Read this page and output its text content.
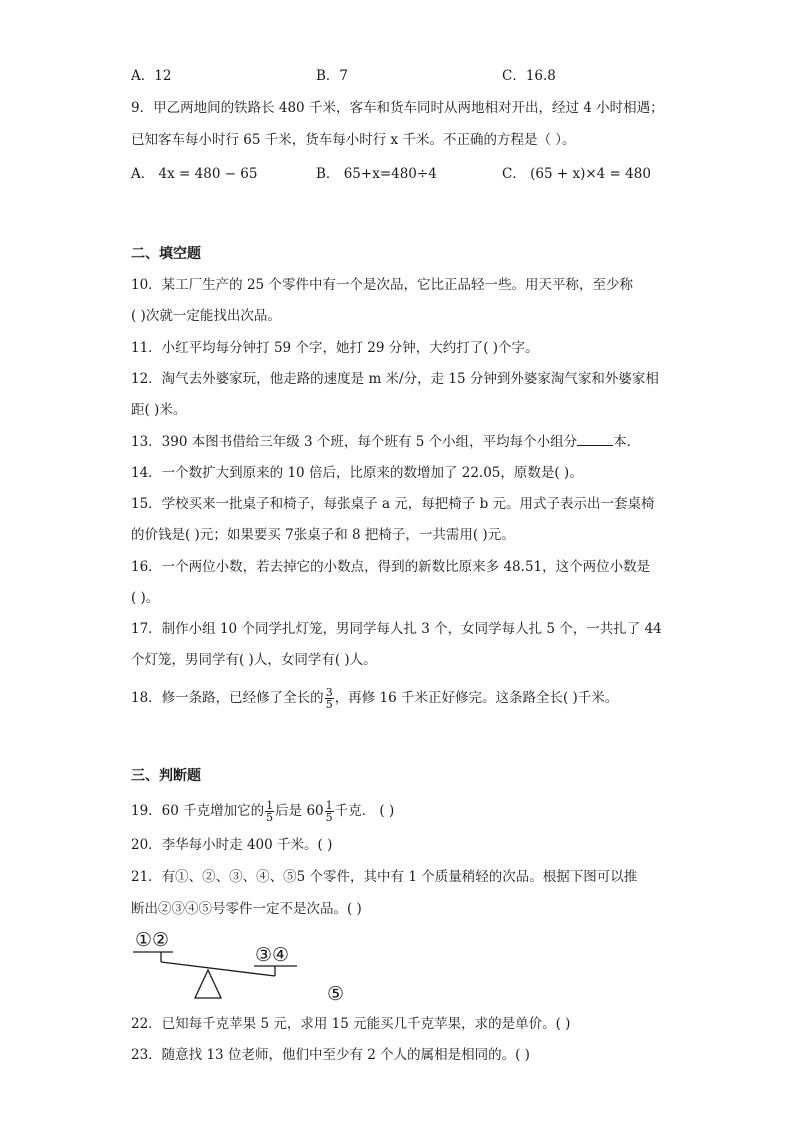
A．12	B．7	C．16.8
9．甲乙两地间的铁路长 480 千米，客车和货车同时从两地相对开出，经过 4 小时相遇；
已知客车每小时行 65 千米，货车每小时行 x 千米。不正确的方程是（ ）。
A． 4x = 480 − 65	B． 65+x=480÷4	C． (65 + x)×4 = 480
二、填空题
10．某工厂生产的 25 个零件中有一个是次品，它比正品轻一些。用天平称，至少称
( )次就一定能找出次品。
11．小红平均每分钟打 59 个字，她打 29 分钟，大约打了( )个字。
12．淘气去外婆家玩，他走路的速度是 m 米/分，走 15 分钟到外婆家淘气家和外婆家相
距( )米。
13．390 本图书借给三年级 3 个班，每个班有 5 个小组，平均每个小组分	本．
14．一个数扩大到原来的 10 倍后，比原来的数增加了 22.05，原数是( )。
15．学校买来一批桌子和椅子，每张桌子 a 元，每把椅子 b 元。用式子表示出一套桌椅
的价钱是( )元；如果要买 7张桌子和 8 把椅子，一共需用( )元。
16．一个两位小数，若去掉它的小数点，得到的新数比原来多 48.51，这个两位小数是
( )。
17．制作小组 10 个同学扎灯笼，男同学每人扎 3 个，女同学每人扎 5 个，一共扎了 44
个灯笼，男同学有( )人，女同学有( )人。
18．修一条路，已经修了全长的 $\frac{3}{5}$ ，再修 16 千米正好修完。这条路全长( )千米。
三、判断题
19．60 千克增加它的 $\frac{1}{5}$ 后是 $60 \frac{1}{5}$ 千克． ( )
20．李华每小时走 400 千米。( )
21．有①、②、③、④、⑤5 个零件，其中有 1 个质量稍轻的次品。根据下图可以推
断出②③④⑤号零件一定不是次品。( )
①②
③④
⑤
22．已知每千克苹果 5 元，求用 15 元能买几千克苹果，求的是单价。( )
23．随意找 13 位老师，他们中至少有 2 个人的属相是相同的。( )
